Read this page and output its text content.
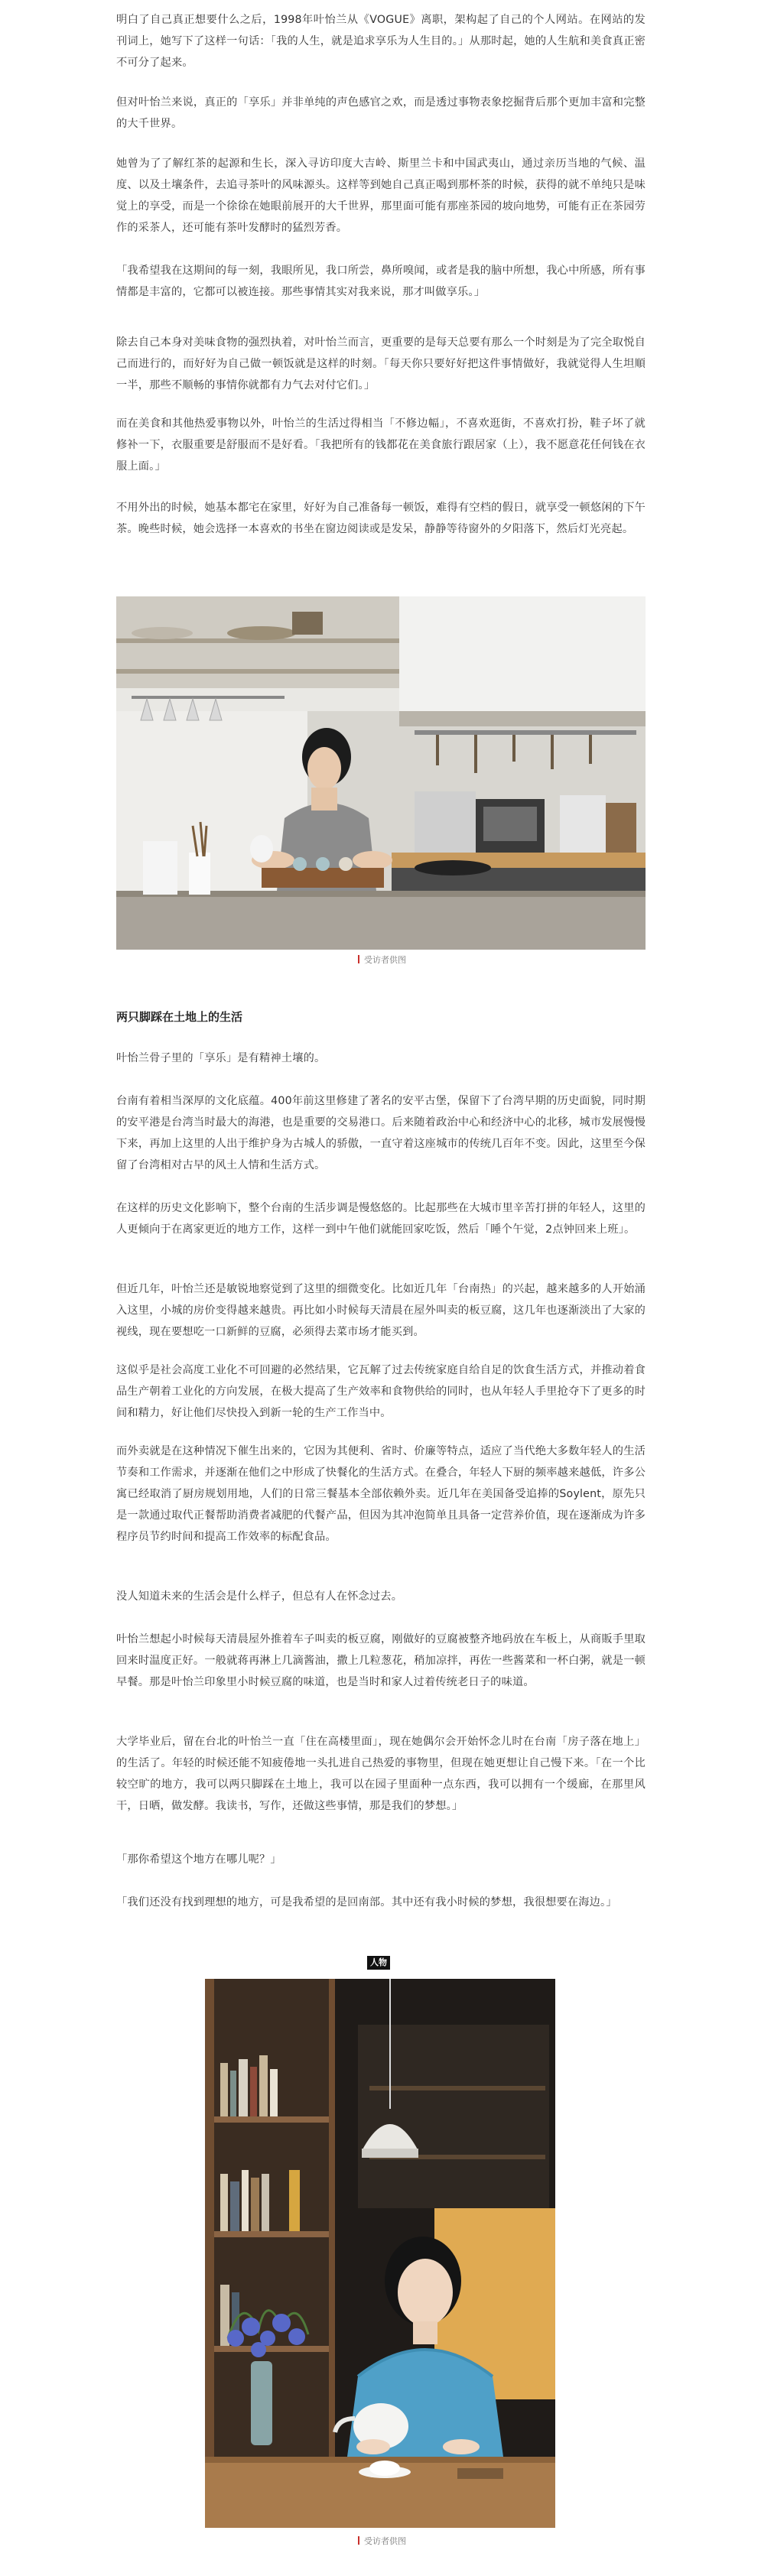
明白了自己真正想要什么之后，1998年叶怡兰从《VOGUE》离职，架构起了自己的个人网站。在网站的发刊词上，她写下了这样一句话：「我的人生，就是追求享乐为人生目的。」从那时起，她的人生航和美食真正密不可分了起来。

但对叶怡兰来说，真正的「享乐」并非单纯的声色感官之欢，而是透过事物表象挖掘背后那个更加丰富和完整的大千世界。

她曾为了了解红茶的起源和生长，深入寻访印度大吉岭、斯里兰卡和中国武夷山，通过亲历当地的气候、温度、以及土壤条件，去追寻茶叶的风味源头。这样等到她自己真正喝到那杯茶的时候，获得的就不单纯只是味觉上的享受，而是一个徐徐在她眼前展开的大千世界，那里面可能有那座茶园的坡向地势，可能有正在茶园劳作的采茶人，还可能有茶叶发酵时的猛烈芳香。

「我希望我在这期间的每一刻，我眼所见，我口所尝，鼻所嗅闻，或者是我的脑中所想，我心中所感，所有事情都是丰富的，它都可以被连接。那些事情其实对我来说，那才叫做享乐。」

除去自己本身对美味食物的强烈执着，对叶怡兰而言，更重要的是每天总要有那么一个时刻是为了完全取悦自己而进行的，而好好为自己做一顿饭就是这样的时刻。「每天你只要好好把这件事情做好，我就觉得人生坦順一半，那些不顺畅的事情你就都有力气去对付它们。」

而在美食和其他热爱事物以外，叶怡兰的生活过得相当「不修边幅」，不喜欢逛街，不喜欢打扮，鞋子坏了就修补一下，衣服重要是舒服而不是好看。「我把所有的钱都花在美食旅行跟居家（上），我不愿意花任何钱在衣服上面。」

不用外出的时候，她基本都宅在家里，好好为自己准备每一顿饭，难得有空档的假日，就享受一顿悠闲的下午茶。晚些时候，她会选择一本喜欢的书坐在窗边阅读或是发呆，静静等待窗外的夕阳落下，然后灯光亮起。

受访者供图

两只脚踩在土地上的生活

叶怡兰骨子里的「享乐」是有精神土壤的。

台南有着相当深厚的文化底蕴。400年前这里修建了著名的安平古堡，保留下了台湾早期的历史面貌，同时期的安平港是台湾当时最大的海港，也是重要的交易港口。后来随着政治中心和经济中心的北移，城市发展慢慢下来，再加上这里的人出于维护身为古城人的骄傲，一直守着这座城市的传统几百年不变。因此，这里至今保留了台湾相对古早的风土人情和生活方式。

在这样的历史文化影响下，整个台南的生活步调是慢悠悠的。比起那些在大城市里辛苦打拼的年轻人，这里的人更倾向于在离家更近的地方工作，这样一到中午他们就能回家吃饭，然后「睡个午觉，2点钟回来上班」。

但近几年，叶怡兰还是敏锐地察觉到了这里的细微变化。比如近几年「台南热」的兴起，越来越多的人开始涌入这里，小城的房价变得越来越贵。再比如小时候每天清晨在屋外叫卖的板豆腐，这几年也逐渐淡出了大家的视线，现在要想吃一口新鲜的豆腐，必须得去菜市场才能买到。

这似乎是社会高度工业化不可回避的必然结果，它瓦解了过去传统家庭自给自足的饮食生活方式，并推动着食品生产朝着工业化的方向发展，在极大提高了生产效率和食物供给的同时，也从年轻人手里抢夺下了更多的时间和精力，好让他们尽快投入到新一轮的生产工作当中。

而外卖就是在这种情况下催生出来的，它因为其便利、省时、价廉等特点，适应了当代绝大多数年轻人的生活节奏和工作需求，并逐渐在他们之中形成了快餐化的生活方式。在叠合，年轻人下厨的频率越来越低，许多公寓已经取消了厨房规划用地，人们的日常三餐基本全部依赖外卖。近几年在美国备受追捧的Soylent，原先只是一款通过取代正餐帮助消费者减肥的代餐产品，但因为其冲泡简单且具备一定营养价值，现在逐渐成为许多程序员节约时间和提高工作效率的标配食品。

没人知道未来的生活会是什么样子，但总有人在怀念过去。

叶怡兰想起小时候每天清晨屋外推着车子叫卖的板豆腐，刚做好的豆腐被整齐地码放在车板上，从商販手里取回来时温度正好。一般就蒋再淋上几滴酱油，撒上几粒葱花，稍加凉拌，再佐一些酱菜和一杯白粥，就是一顿早餐。那是叶怡兰印象里小时候豆腐的味道，也是当时和家人过着传统老日子的味道。

大学毕业后，留在台北的叶怡兰一直「住在高楼里面」，现在她偶尔会开始怀念儿时在台南「房子落在地上」的生活了。年轻的时候还能不知疲倦地一头扎进自己热爱的事物里，但现在她更想让自己慢下来。「在一个比较空旷的地方，我可以两只脚踩在土地上，我可以在园子里面种一点东西，我可以拥有一个缓廊，在那里风干，日晒，做发酵。我读书，写作，还做这些事情，那是我们的梦想。」

「那你希望这个地方在哪儿呢？」

「我们还没有找到理想的地方，可是我希望的是回南部。其中还有我小时候的梦想，我很想要在海边。」

人物
受访者供图
